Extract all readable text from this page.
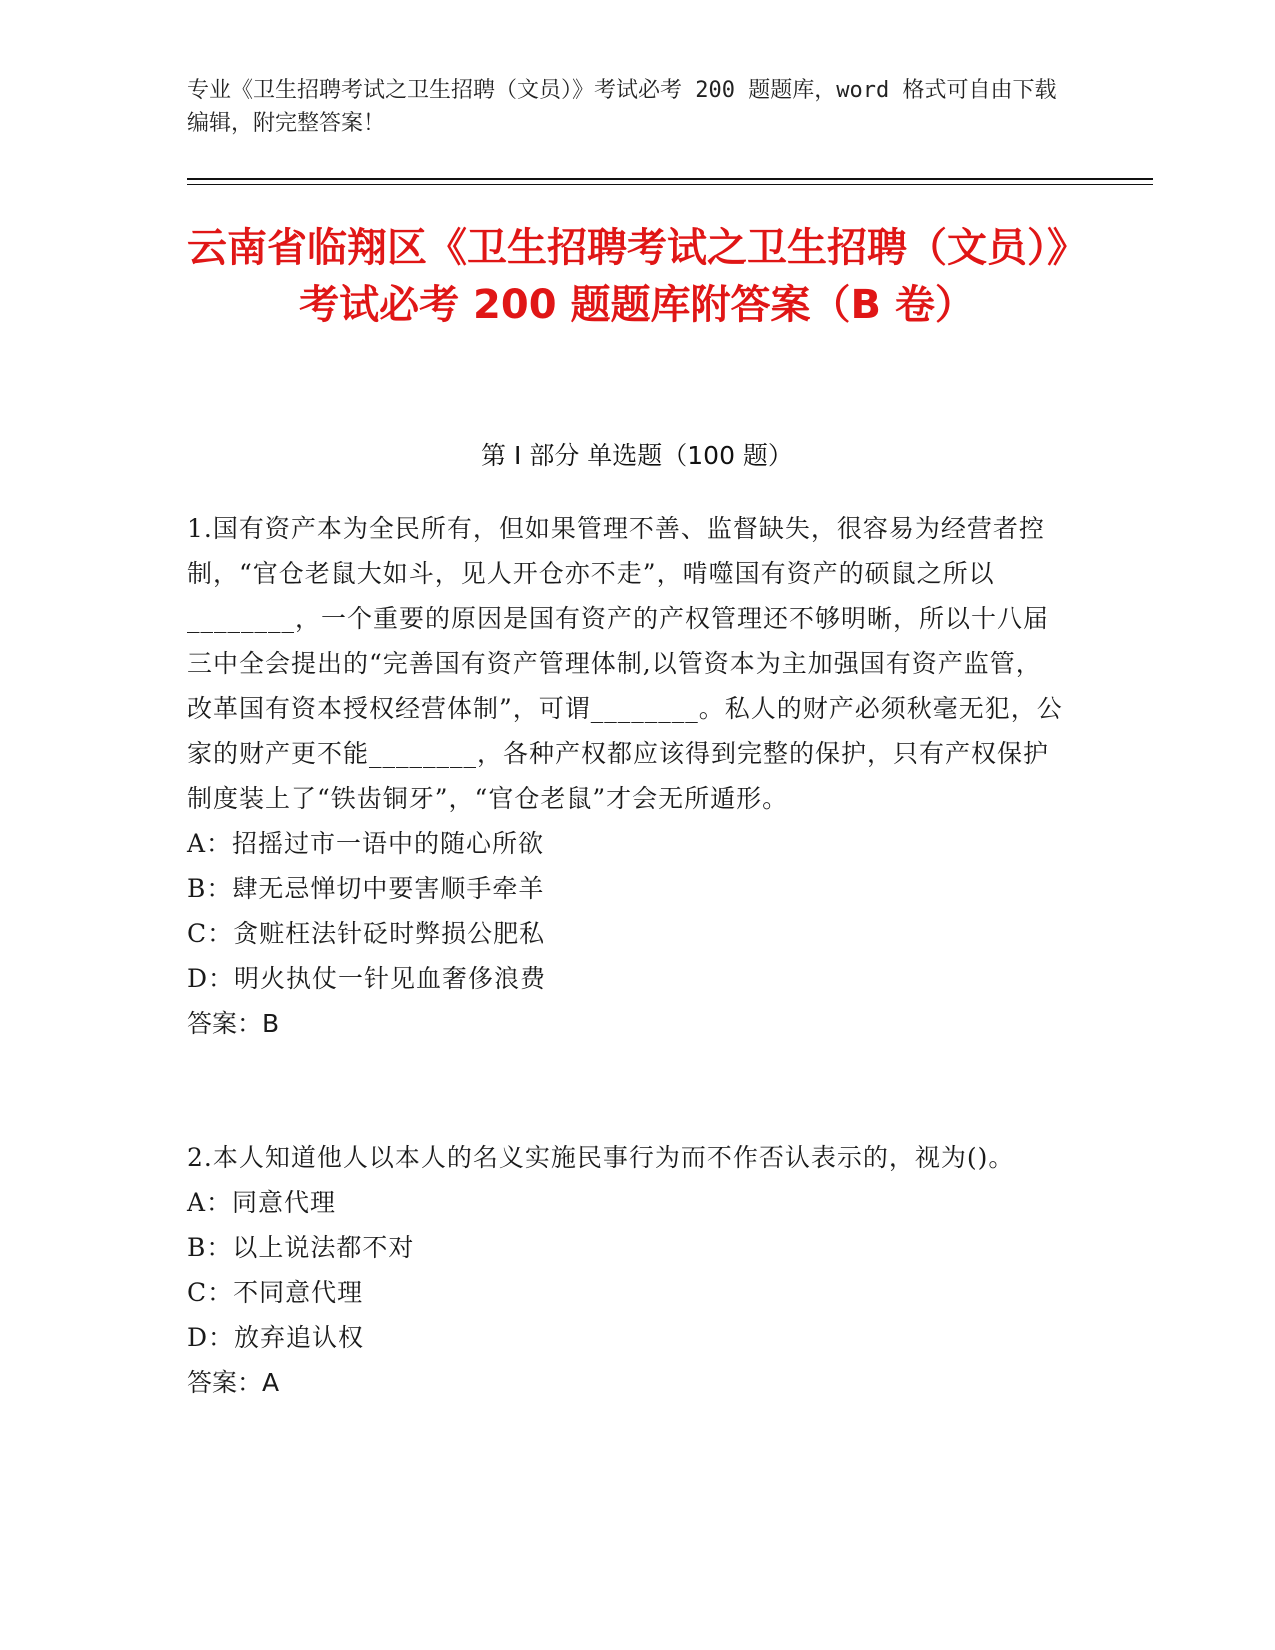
专业《卫生招聘考试之卫生招聘（文员）》考试必考 200 题题库，word 格式可自由下载编辑，附完整答案！
云南省临翔区《卫生招聘考试之卫生招聘（文员）》考试必考 200 题题库附答案（B 卷）
第 I 部分 单选题（100 题）
1.国有资产本为全民所有，但如果管理不善、监督缺失，很容易为经营者控制，“官仓老鼠大如斗，见人开仓亦不走”，啃噬国有资产的硕鼠之所以________，一个重要的原因是国有资产的产权管理还不够明晰，所以十八届三中全会提出的“完善国有资产管理体制,以管资本为主加强国有资产监管，改革国有资本授权经营体制”，可谓________。私人的财产必须秋毫无犯，公家的财产更不能________，各种产权都应该得到完整的保护，只有产权保护制度装上了“铁齿铜牙”，“官仓老鼠”才会无所遁形。
A：招摇过市一语中的随心所欲
B：肆无忌惮切中要害顺手牵羊
C：贪赃枉法针砭时弊损公肥私
D：明火执仗一针见血奢侈浪费
答案：B
2.本人知道他人以本人的名义实施民事行为而不作否认表示的，视为()。
A：同意代理
B：以上说法都不对
C：不同意代理
D：放弃追认权
答案：A
